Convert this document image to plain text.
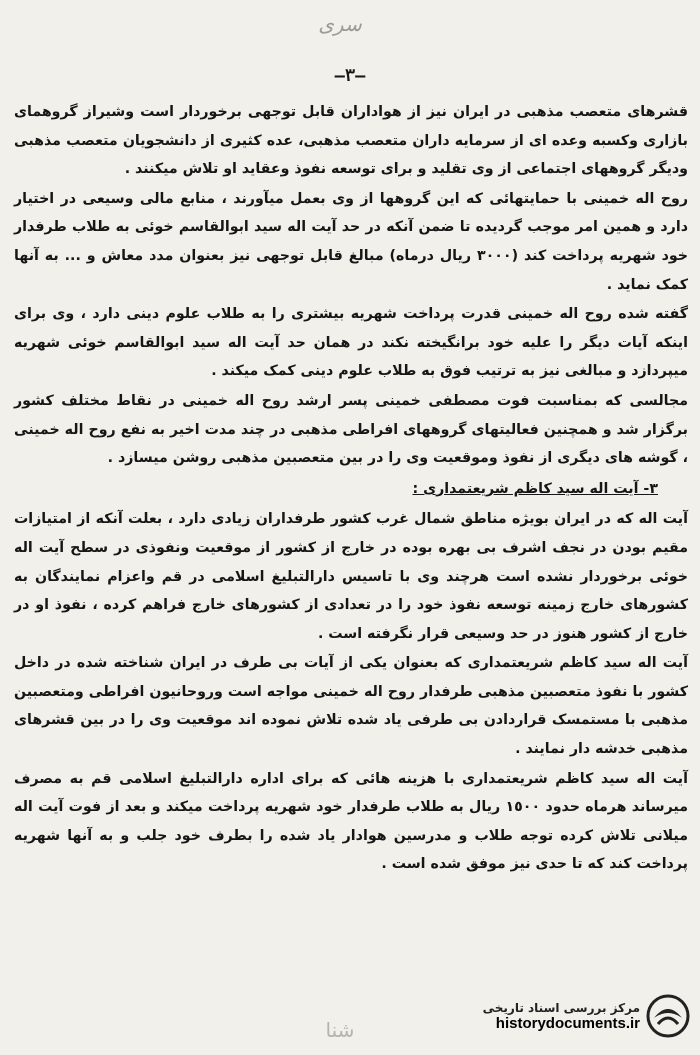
سری
—٣—

قشرهای متعصب مذهبی در ایران نیز از هواداران قابل توجهی برخوردار است وشیراز گروهمای بازاری وکسبه وعده ای از سرمایه داران متعصب مذهبی، عده کثیری از دانشجویان متعصب مذهبی ودیگر گروههای اجتماعی از وی تقلید و برای توسعه نفوذ وعقاید او تلاش میکنند .

روح اله خمینی با حمایتهائی که این گروهها از وی بعمل میآورند ، منابع مالی وسیعی در اختیار دارد و همین امر موجب گردیده تا ضمن آنکه در حد آیت اله سید ابوالقاسم خوئی به طلاب طرفدار خود شهریه پرداخت کند (٣٠٠٠ ریال درماه) مبالغ قابل توجهی نیز بعنوان مدد معاش و ... به آنها کمک نماید .

گفته شده روح اله خمینی قدرت پرداخت شهریه بیشتری را به طلاب علوم دینی دارد ، وی برای اینکه آیات دیگر را علیه خود برانگیخته نکند در همان حد آیت اله سید ابوالقاسم خوئی شهریه میپردازد و مبالغی نیز به ترتیب فوق به طلاب علوم دینی کمک میکند .

مجالسی که بمناسبت فوت مصطفی خمینی پسر ارشد روح اله خمینی در نقاط مختلف کشور برگزار شد و همچنین فعالیتهای گروههای افراطی مذهبی در چند مدت اخیر به نفع روح اله خمینی ، گوشه های دیگری از نفوذ وموقعیت وی را در بین متعصبین مذهبی روشن میسازد .

٣- آیت اله سید کاظم شریعتمداری :

آیت اله که در ایران بویژه مناطق شمال غرب کشور طرفداران زیادی دارد ، بعلت آنکه از امتیازات مقیم بودن در نجف اشرف بی بهره بوده در خارج از کشور از موقعیت ونفوذی در سطح آیت اله خوئی برخوردار نشده است هرچند وی با تاسیس دارالتبلیغ اسلامی در قم واعزام نمایندگان به کشورهای خارج زمینه توسعه نفوذ خود را در تعدادی از کشورهای خارج فراهم کرده ، نفوذ او در خارج از کشور هنوز در حد وسیعی قرار نگرفته است .

آیت اله سید کاظم شریعتمداری که بعنوان یکی از آیات بی طرف در ایران شناخته شده در داخل کشور با نفوذ متعصبین مذهبی طرفدار روح اله خمینی مواجه است وروحانیون افراطی ومتعصبین مذهبی با مستمسک قراردادن بی طرفی یاد شده تلاش نموده اند موقعیت وی را در بین قشرهای مذهبی خدشه دار نمایند .

آیت اله سید کاظم شریعتمداری با هزینه هائی که برای اداره دارالتبلیغ اسلامی قم به مصرف میرساند هرماه حدود ١٥٠٠ ریال به طلاب طرفدار خود شهریه پرداخت میکند و بعد از فوت آیت اله میلانی تلاش کرده توجه طلاب و مدرسین هوادار یاد شده را بطرف خود جلب و به آنها شهریه پرداخت کند که تا حدی نیز موفق شده است .

شنا
مرکز بررسی اسناد تاریخی
historydocuments.ir
